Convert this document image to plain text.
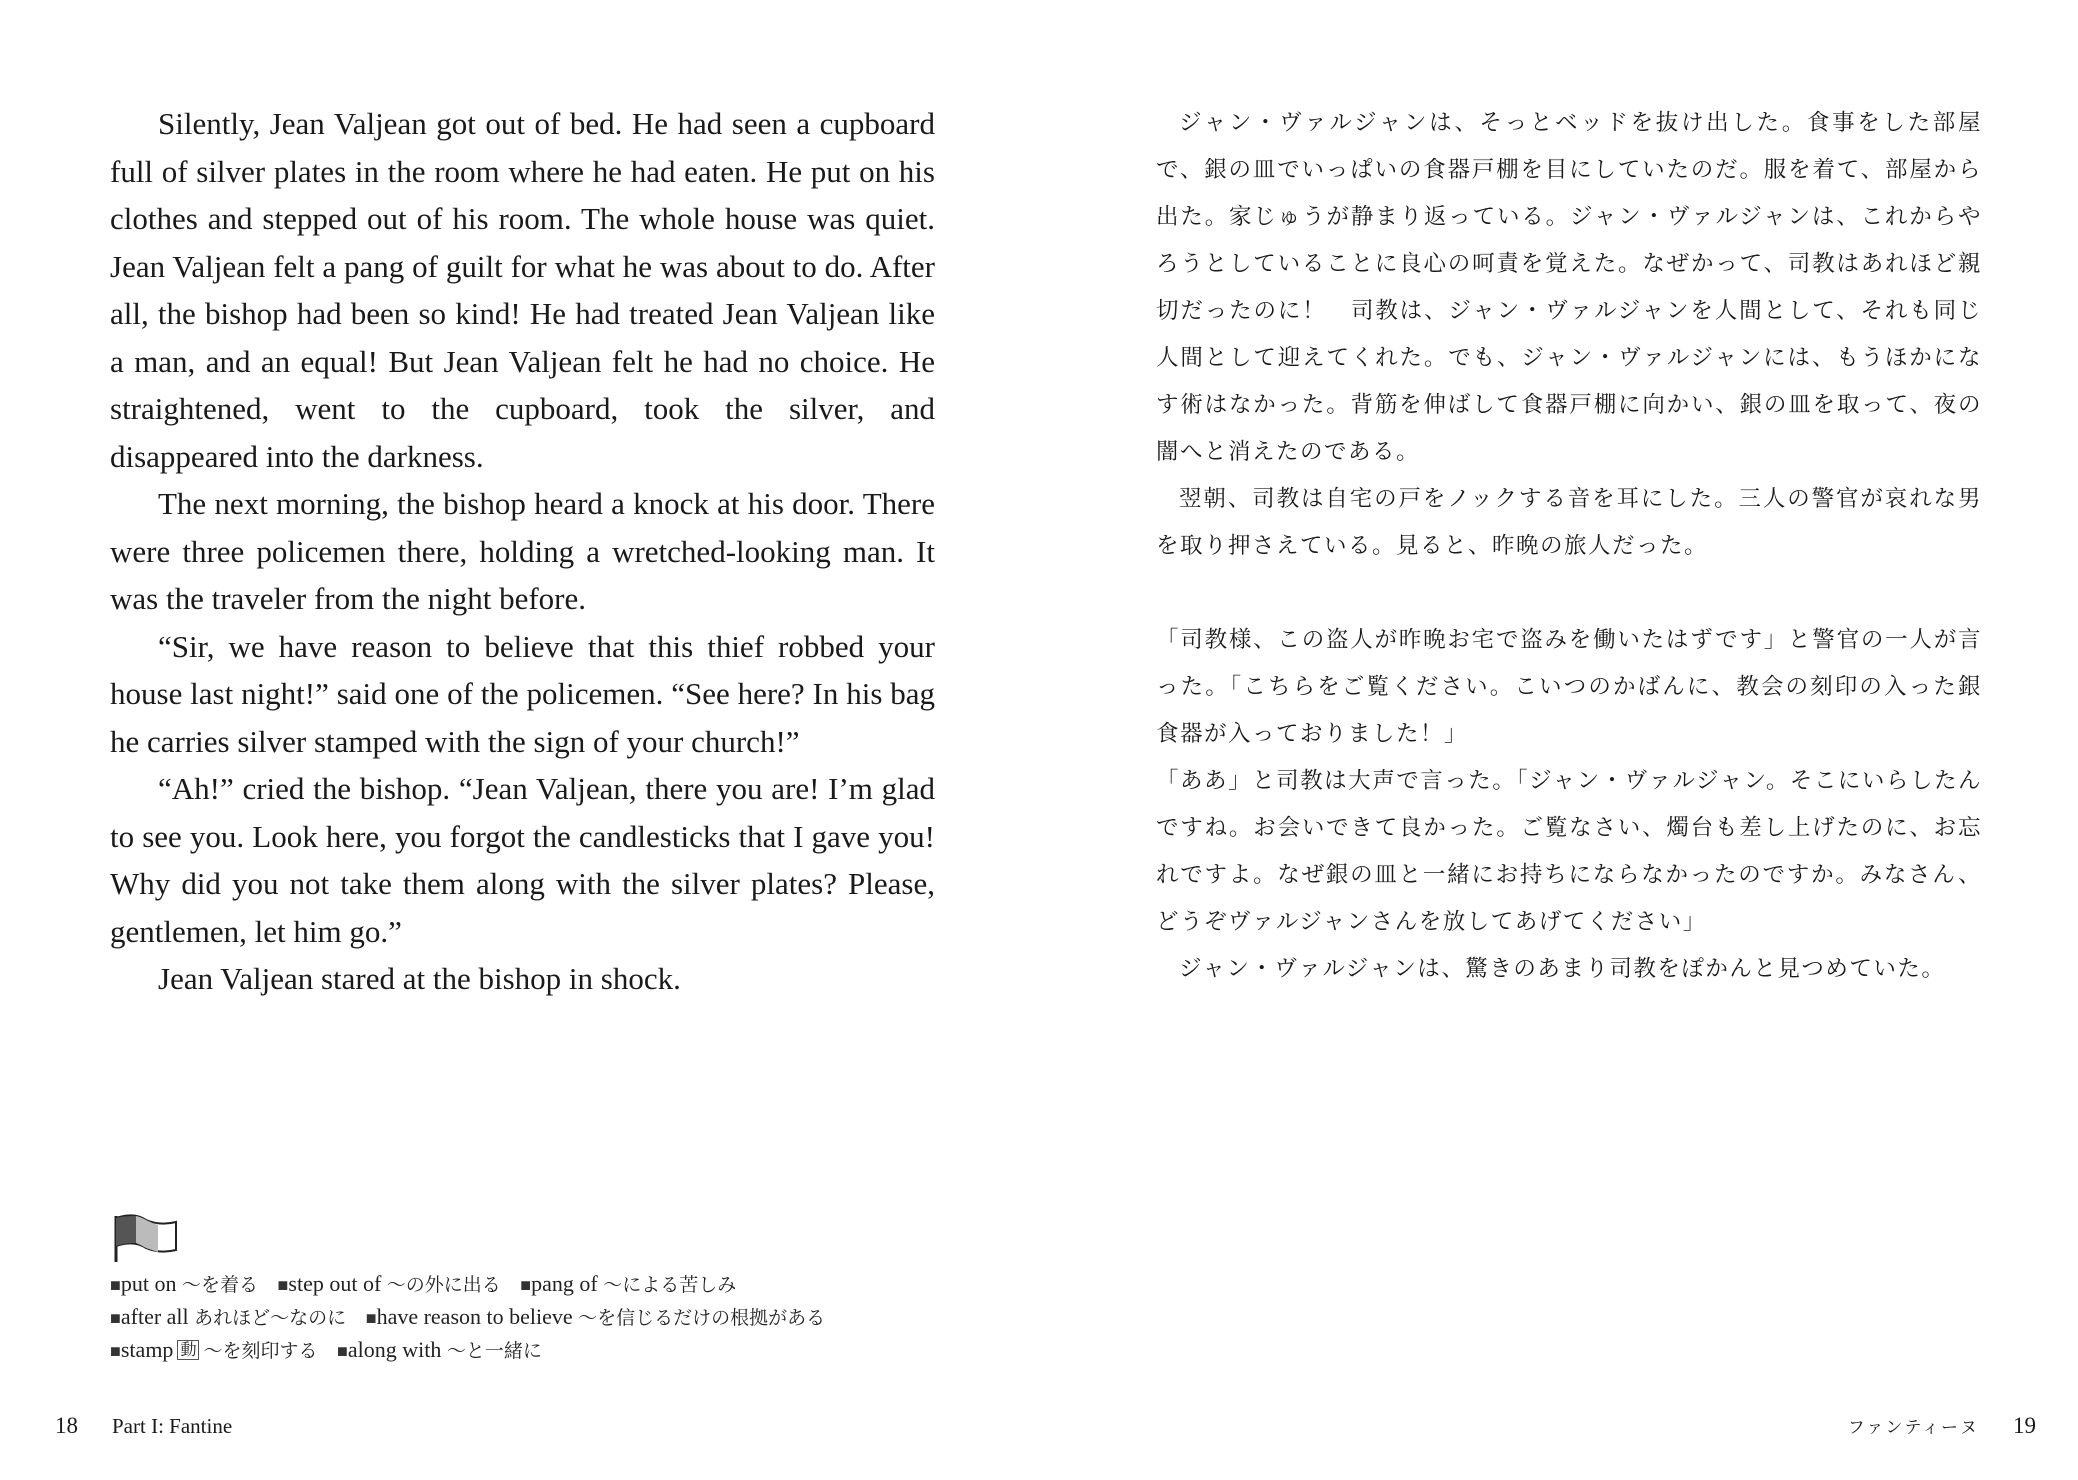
Silently, Jean Valjean got out of bed. He had seen a cupboard full of silver plates in the room where he had eaten. He put on his clothes and stepped out of his room. The whole house was quiet. Jean Valjean felt a pang of guilt for what he was about to do. After all, the bishop had been so kind! He had treated Jean Valjean like a man, and an equal! But Jean Valjean felt he had no choice. He straightened, went to the cupboard, took the silver, and disappeared into the darkness.

The next morning, the bishop heard a knock at his door. There were three policemen there, holding a wretched-looking man. It was the traveler from the night before.

“Sir, we have reason to believe that this thief robbed your house last night!” said one of the policemen. “See here? In his bag he carries silver stamped with the sign of your church!”

“Ah!” cried the bishop. “Jean Valjean, there you are! I’m glad to see you. Look here, you forgot the candlesticks that I gave you! Why did you not take them along with the silver plates? Please, gentlemen, let him go.”

Jean Valjean stared at the bishop in shock.

■put on ～を着る ■step out of ～の外に出る ■pang of ～による苦しみ ■after all あれほど～なのに ■have reason to believe ～を信じるだけの根拠がある ■stamp 動 ～を刻印する ■along with ～と一緒に

ジャン・ヴァルジャンは、そっとベッドを抜け出した。食事をした部屋で、銀の皿でいっぱいの食器戸棚を目にしていたのだ。服を着て、部屋から出た。家じゅうが静まり返っている。ジャン・ヴァルジャンは、これからやろうとしていることに良心の呵責を覚えた。なぜかって、司教はあれほど親切だったのに！　司教は、ジャン・ヴァルジャンを人間として、それも同じ人間として迎えてくれた。でも、ジャン・ヴァルジャンには、もうほかになす術はなかった。背筋を伸ばして食器戸棚に向かい、銀の皿を取って、夜の闇へと消えたのである。

翌朝、司教は自宅の戸をノックする音を耳にした。三人の警官が哀れな男を取り押さえている。見ると、昨晩の旅人だった。

「司教様、この盗人が昨晩お宅で盗みを働いたはずです」と警官の一人が言った。「こちらをご覧ください。こいつのかばんに、教会の刻印の入った銀食器が入っておりました！」

「ああ」と司教は大声で言った。「ジャン・ヴァルジャン。そこにいらしたんですね。お会いできて良かった。ご覧なさい、燭台も差し上げたのに、お忘れですよ。なぜ銀の皿と一緒にお持ちにならなかったのですか。みなさん、どうぞヴァルジャンさんを放してあげてください」

ジャン・ヴァルジャンは、驚きのあまり司教をぽかんと見つめていた。

18 Part I: Fantine	ファンティーヌ 19
